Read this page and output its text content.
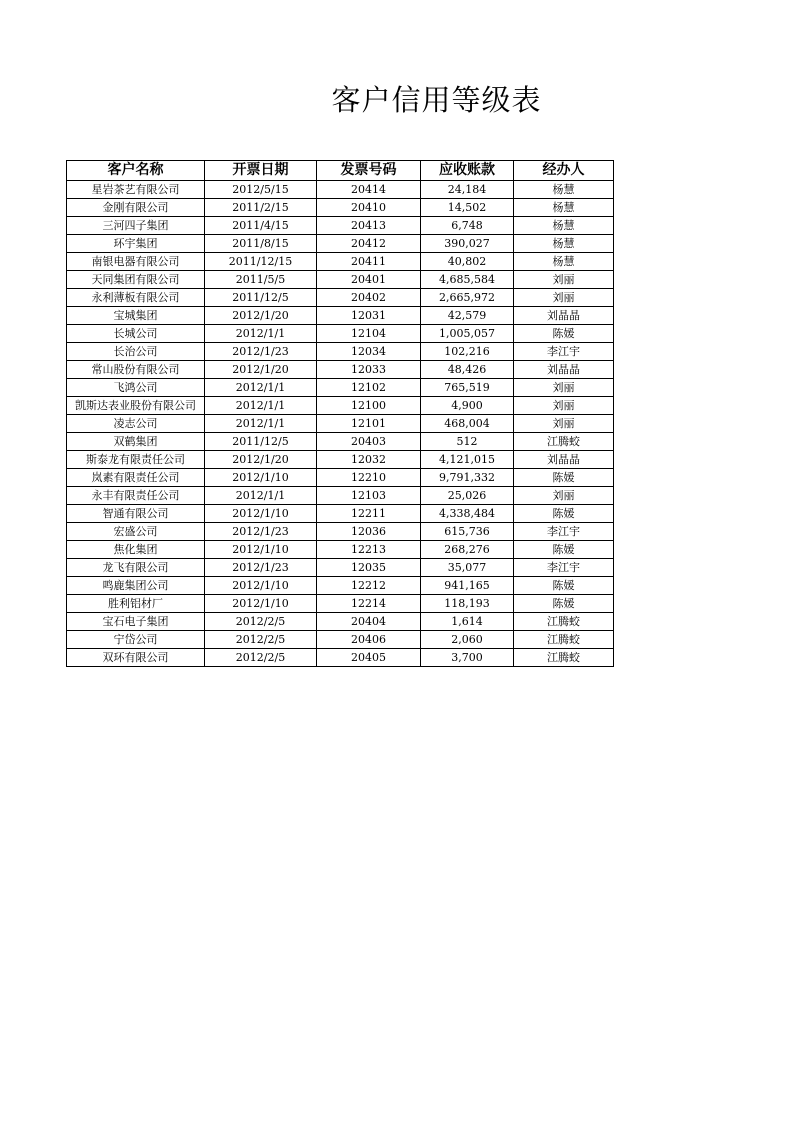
客户信用等级表
客户名称	开票日期	发票号码	应收账款	经办人
星岩茶艺有限公司	2012/5/15	20414	24,184	杨慧
金刚有限公司	2011/2/15	20410	14,502	杨慧
三河四子集团	2011/4/15	20413	6,748	杨慧
环宇集团	2011/8/15	20412	390,027	杨慧
南银电器有限公司	2011/12/15	20411	40,802	杨慧
天同集团有限公司	2011/5/5	20401	4,685,584	刘丽
永利薄板有限公司	2011/12/5	20402	2,665,972	刘丽
宝城集团	2012/1/20	12031	42,579	刘晶晶
长城公司	2012/1/1	12104	1,005,057	陈媛
长治公司	2012/1/23	12034	102,216	李江宇
常山股份有限公司	2012/1/20	12033	48,426	刘晶晶
飞鸿公司	2012/1/1	12102	765,519	刘丽
凯斯达表业股份有限公司	2012/1/1	12100	4,900	刘丽
凌志公司	2012/1/1	12101	468,004	刘丽
双鹤集团	2011/12/5	20403	512	江腾蛟
斯泰龙有限责任公司	2012/1/20	12032	4,121,015	刘晶晶
岚素有限责任公司	2012/1/10	12210	9,791,332	陈媛
永丰有限责任公司	2012/1/1	12103	25,026	刘丽
智通有限公司	2012/1/10	12211	4,338,484	陈媛
宏盛公司	2012/1/23	12036	615,736	李江宇
焦化集团	2012/1/10	12213	268,276	陈媛
龙飞有限公司	2012/1/23	12035	35,077	李江宇
鸣鹿集团公司	2012/1/10	12212	941,165	陈媛
胜利铝材厂	2012/1/10	12214	118,193	陈媛
宝石电子集团	2012/2/5	20404	1,614	江腾蛟
宁岱公司	2012/2/5	20406	2,060	江腾蛟
双环有限公司	2012/2/5	20405	3,700	江腾蛟
